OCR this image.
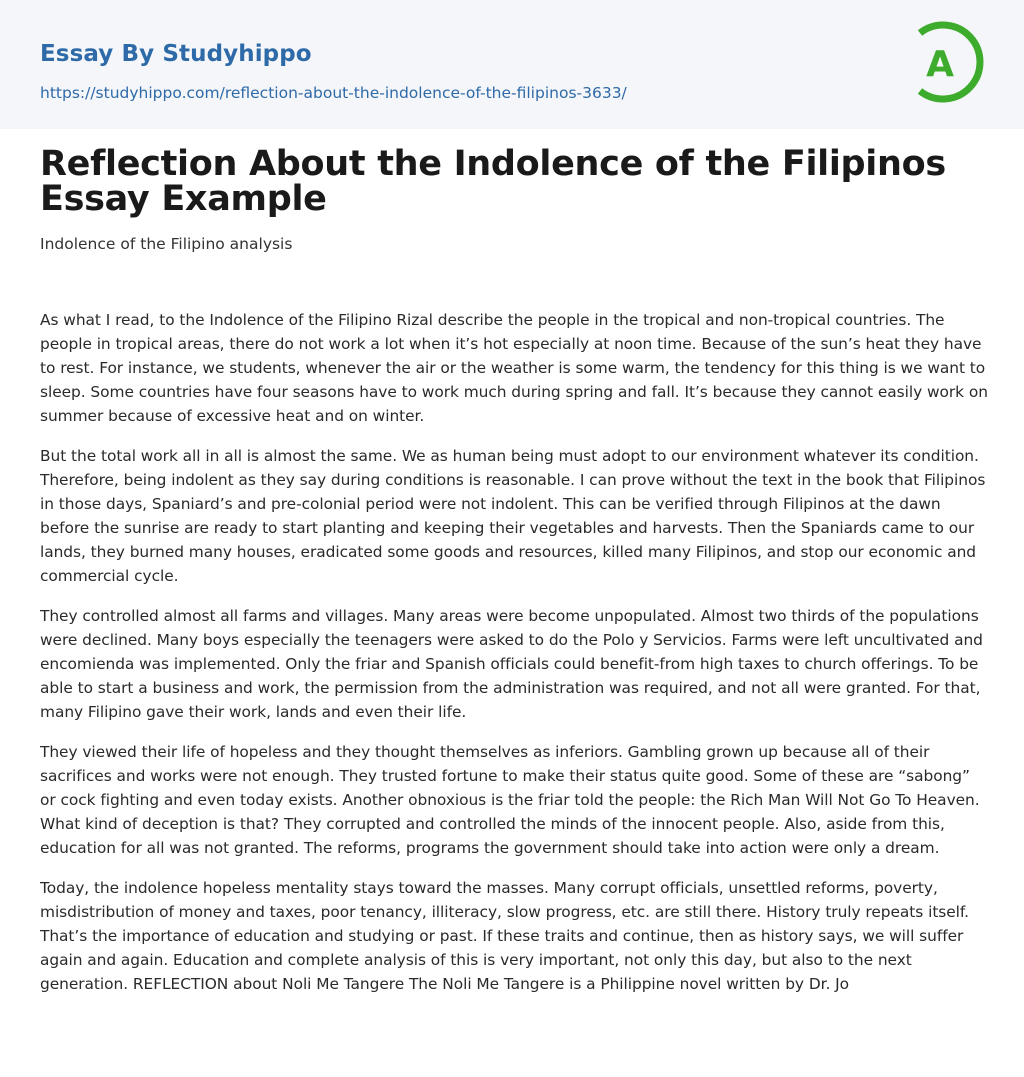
Essay By Studyhippo
https://studyhippo.com/reflection-about-the-indolence-of-the-filipinos-3633/
A
Reflection About the Indolence of the Filipinos Essay Example
Indolence of the Filipino analysis

As what I read, to the Indolence of the Filipino Rizal describe the people in the tropical and non-tropical countries. The people in tropical areas, there do not work a lot when it’s hot especially at noon time. Because of the sun’s heat they have to rest. For instance, we students, whenever the air or the weather is some warm, the tendency for this thing is we want to sleep. Some countries have four seasons have to work much during spring and fall. It’s because they cannot easily work on summer because of excessive heat and on winter.

But the total work all in all is almost the same. We as human being must adopt to our environment whatever its condition. Therefore, being indolent as they say during conditions is reasonable. I can prove without the text in the book that Filipinos in those days, Spaniard’s and pre-colonial period were not indolent. This can be verified through Filipinos at the dawn before the sunrise are ready to start planting and keeping their vegetables and harvests. Then the Spaniards came to our lands, they burned many houses, eradicated some goods and resources, killed many Filipinos, and stop our economic and commercial cycle.

They controlled almost all farms and villages. Many areas were become unpopulated. Almost two thirds of the populations were declined. Many boys especially the teenagers were asked to do the Polo y Servicios. Farms were left uncultivated and encomienda was implemented. Only the friar and Spanish officials could benefit-from high taxes to church offerings. To be able to start a business and work, the permission from the administration was required, and not all were granted. For that, many Filipino gave their work, lands and even their life.

They viewed their life of hopeless and they thought themselves as inferiors. Gambling grown up because all of their sacrifices and works were not enough. They trusted fortune to make their status quite good. Some of these are “sabong” or cock fighting and even today exists. Another obnoxious is the friar told the people: the Rich Man Will Not Go To Heaven. What kind of deception is that? They corrupted and controlled the minds of the innocent people. Also, aside from this, education for all was not granted. The reforms, programs the government should take into action were only a dream.

Today, the indolence hopeless mentality stays toward the masses. Many corrupt officials, unsettled reforms, poverty, misdistribution of money and taxes, poor tenancy, illiteracy, slow progress, etc. are still there. History truly repeats itself. That’s the importance of education and studying or past. If these traits and continue, then as history says, we will suffer again and again. Education and complete analysis of this is very important, not only this day, but also to the next generation. REFLECTION about Noli Me Tangere The Noli Me Tangere is a Philippine novel written by Dr. Jo
